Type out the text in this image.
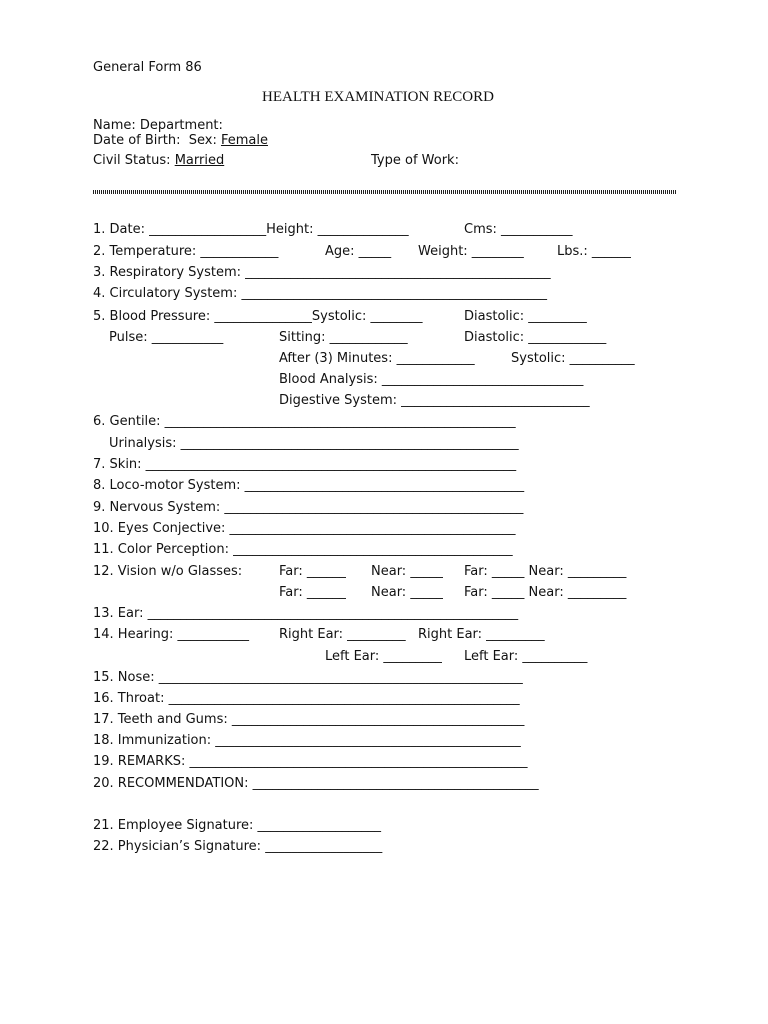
General Form 86
HEALTH EXAMINATION RECORD
Name: Department:
Date of Birth: Sex: Female
Civil Status: Married	Type of Work:
1. Date: __________________Height: ______________	Cms: ___________
2. Temperature: ____________	Age: _____ Weight: ________	Lbs.: ______
3. Respiratory System: _______________________________________________
4. Circulatory System: _______________________________________________
5. Blood Pressure: _______________Systolic: ________	Diastolic: _________
Pulse: ___________	Sitting: ____________	Diastolic: ____________
After (3) Minutes: ____________	Systolic: __________
Blood Analysis: _______________________________
Digestive System: _____________________________
6. Gentile: ______________________________________________________
Urinalysis: ____________________________________________________
7. Skin: _________________________________________________________
8. Loco-motor System: ___________________________________________
9. Nervous System: ______________________________________________
10. Eyes Conjective: ____________________________________________
11. Color Perception: ___________________________________________
12. Vision w/o Glasses:	Far: ______ Near: _____ Far: _____ Near: _________
Far: ______ Near: _____ Far: _____ Near: _________
13. Ear: _________________________________________________________
14. Hearing: ___________ Right Ear: _________ Right Ear: _________
Left Ear: _________ Left Ear: __________
15. Nose: ________________________________________________________
16. Throat: ______________________________________________________
17. Teeth and Gums: _____________________________________________
18. Immunization: _______________________________________________
19. REMARKS: ____________________________________________________
20. RECOMMENDATION: ____________________________________________
21. Employee Signature: ___________________
22. Physician’s Signature: __________________
